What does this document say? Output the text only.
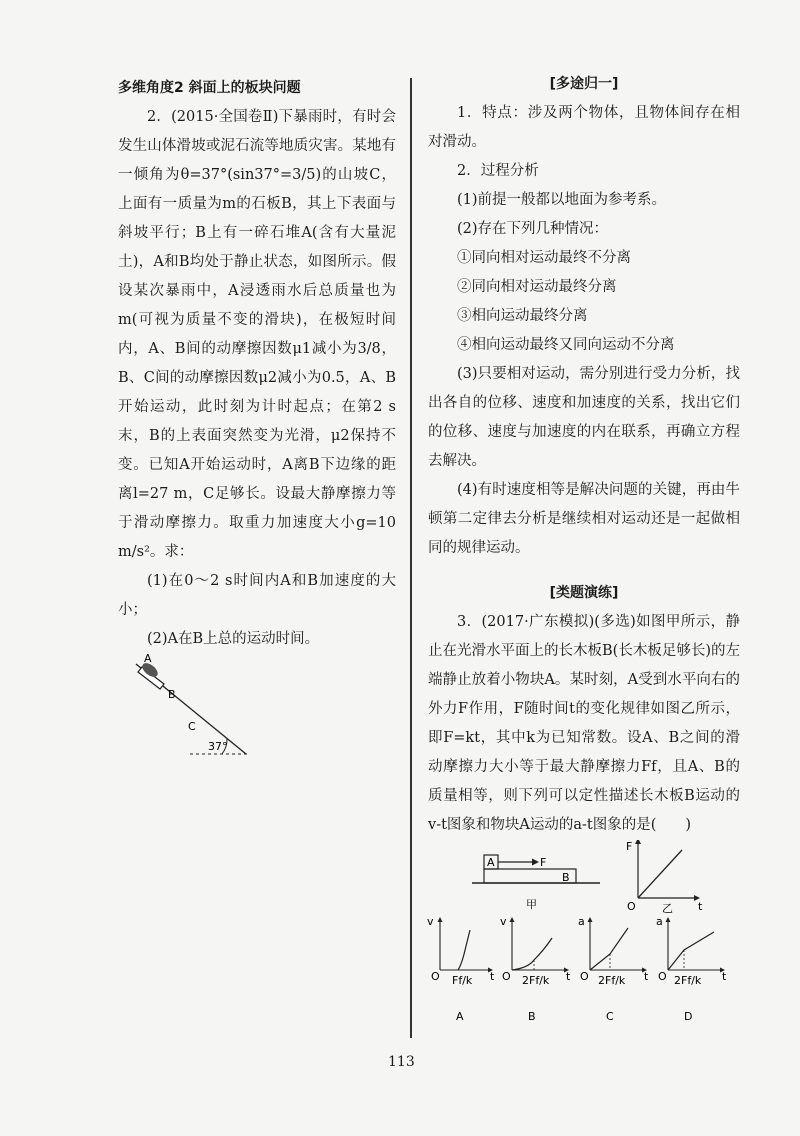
多维角度2 斜面上的板块问题

2．(2015·全国卷Ⅱ)下暴雨时，有时会发生山体滑坡或泥石流等地质灾害。某地有一倾角为θ=37°(sin37°=3/5)的山坡C，上面有一质量为m的石板B，其上下表面与斜坡平行；B上有一碎石堆A(含有大量泥土)，A和B均处于静止状态，如图所示。假设某次暴雨中，A浸透雨水后总质量也为m(可视为质量不变的滑块)，在极短时间内，A、B间的动摩擦因数μ1减小为3/8，B、C间的动摩擦因数μ2减小为0.5，A、B开始运动，此时刻为计时起点；在第2 s末，B的上表面突然变为光滑，μ2保持不变。已知A开始运动时，A离B下边缘的距离l=27 m，C足够长。设最大静摩擦力等于滑动摩擦力。取重力加速度大小g=10 m/s²。求：

(1)在0～2 s时间内A和B加速度的大小；

(2)A在B上总的运动时间。

A
B
C
37°

[多途归一]

1．特点：涉及两个物体，且物体间存在相对滑动。

2．过程分析

(1)前提一般都以地面为参考系。

(2)存在下列几种情况：

①同向相对运动最终不分离

②同向相对运动最终分离

③相向运动最终分离

④相向运动最终又同向运动不分离

(3)只要相对运动，需分别进行受力分析，找出各自的位移、速度和加速度的关系，找出它们的位移、速度与加速度的内在联系，再确立方程去解决。

(4)有时速度相等是解决问题的关键，再由牛顿第二定律去分析是继续相对运动还是一起做相同的规律运动。

[类题演练]

3．(2017·广东模拟)(多选)如图甲所示，静止在光滑水平面上的长木板B(长木板足够长)的左端静止放着小物块A。某时刻，A受到水平向右的外力F作用，F随时间t的变化规律如图乙所示，即F=kt，其中k为已知常数。设A、B之间的滑动摩擦力大小等于最大静摩擦力Ff，且A、B的质量相等，则下列可以定性描述长木板B运动的v-t图象和物块A运动的a-t图象的是(　　)

A	F
B
甲
F
t
O 乙
v
O	t
Ff/k
A
v
O	t
2Ff/k
B
a
O	t
2Ff/k
C
a
O	t
2Ff/k
D
113
